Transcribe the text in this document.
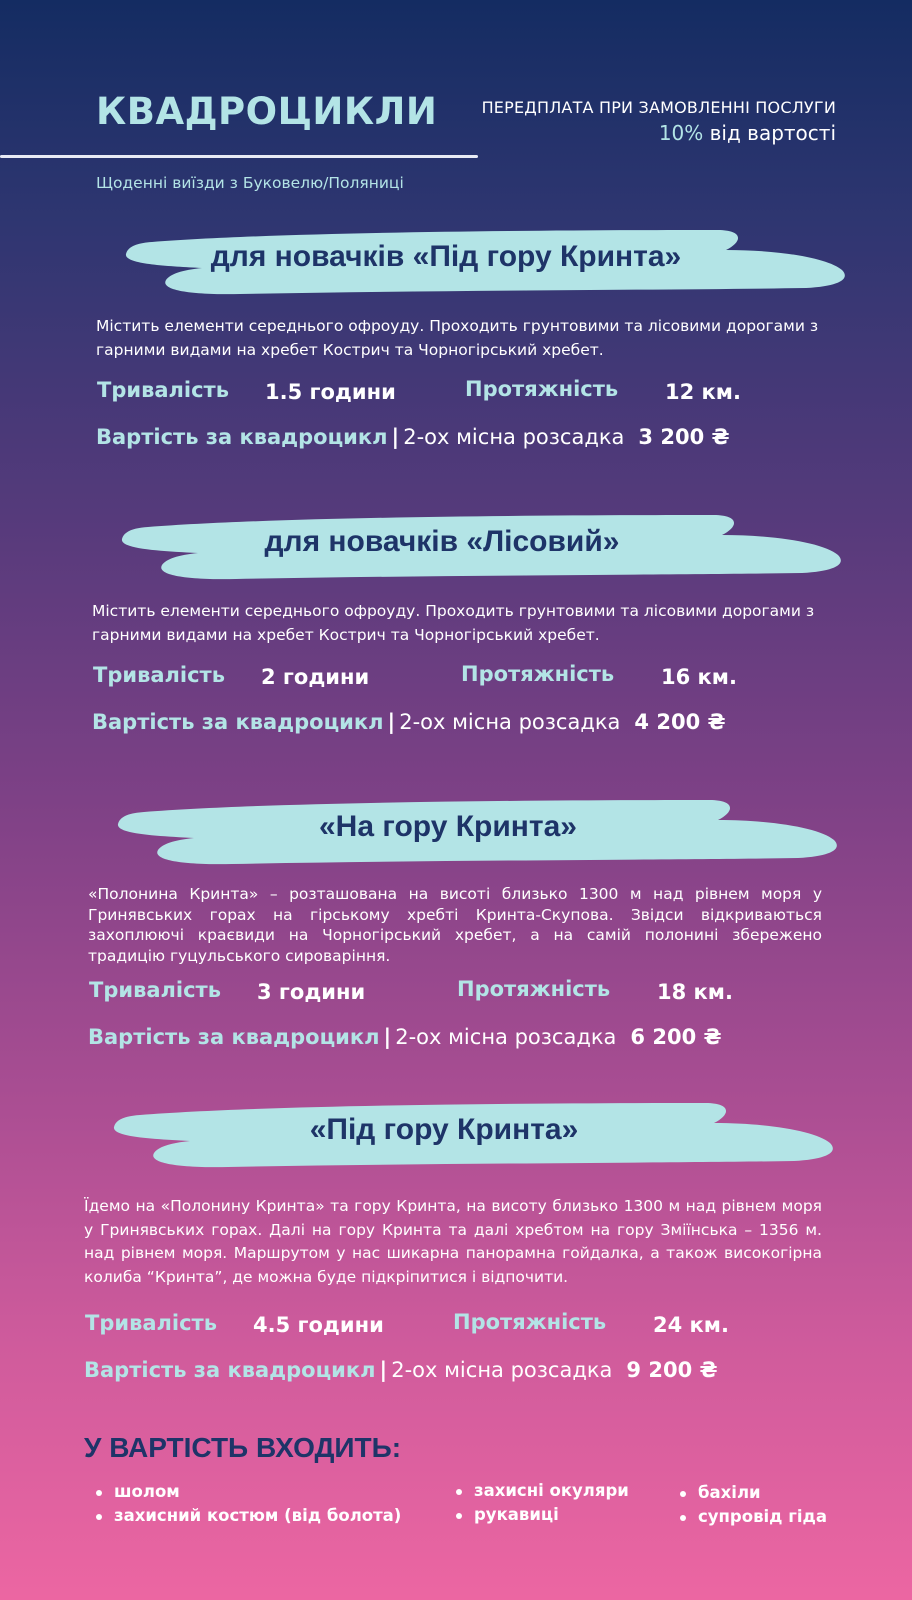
КВАДРОЦИКЛИ
Щоденні виїзди з Буковелю/Поляниці
ПЕРЕДПЛАТА ПРИ ЗАМОВЛЕННІ ПОСЛУГИ
10% від вартості
для новачків «Під гору Кринта»
Містить елементи середнього офроуду. Проходить грунтовими та лісовими дорогами з гарними видами на хребет Кострич та Чорногірський хребет.
Тривалість 1.5 години	Протяжність 12 км.
Вартість за квадроцикл | 2-ох місна розсадка 3 200 ₴
для новачків «Лісовий»
Містить елементи середнього офроуду. Проходить грунтовими та лісовими дорогами з гарними видами на хребет Кострич та Чорногірський хребет.
Тривалість 2 години	Протяжність 16 км.
Вартість за квадроцикл | 2-ох місна розсадка 4 200 ₴
«На гору Кринта»
«Полонина Кринта» – розташована на висоті близько 1300 м над рівнем моря у Гринявських горах на гірському хребті Кринта-Скупова. Звідси відкриваються захоплюючі краєвиди на Чорногірський хребет, а на самій полонині збережено традицію гуцульського сироваріння.
Тривалість 3 години	Протяжність 18 км.
Вартість за квадроцикл | 2-ох місна розсадка 6 200 ₴
«Під гору Кринта»
Їдемо на «Полонину Кринта» та гору Кринта, на висоту близько 1300 м над рівнем моря у Гринявських горах. Далі на гору Кринта та далі хребтом на гору Зміїнська – 1356 м. над рівнем моря. Маршрутом у нас шикарна панорамна гойдалка, а також високогірна колиба “Кринта”, де можна буде підкріпитися і відпочити.
Тривалість 4.5 години	Протяжність 24 км.
Вартість за квадроцикл | 2-ох місна розсадка 9 200 ₴
У ВАРТІСТЬ ВХОДИТЬ:
шолом
захисний костюм (від болота)
захисні окуляри
рукавиці
бахіли
супровід гіда
